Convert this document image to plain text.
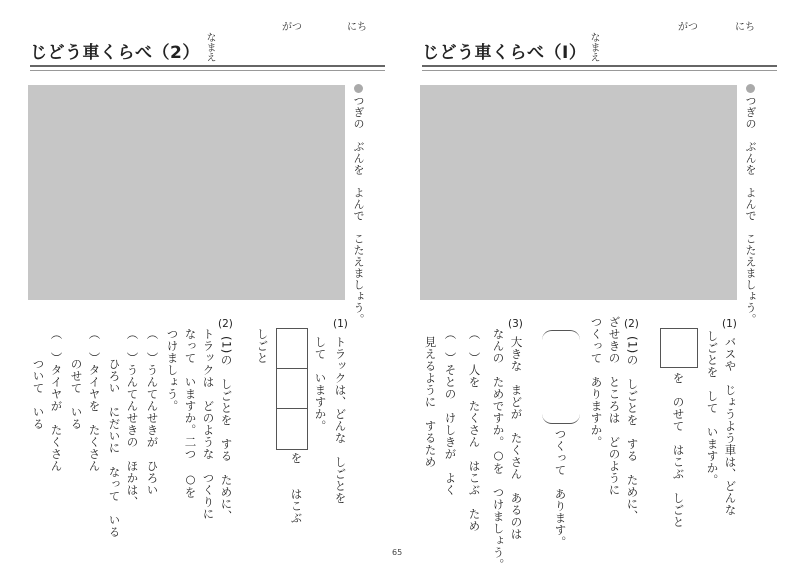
がつ	にち
じどう車くらべ（2） なまえ
つぎの　ぶんを　よんで　こたえましょう。
(1)
トラックは、どんな　しごとを
して　いますか。
を　　はこぶ
しごと
(2)
(1)の　しごとを　する　ために、
トラックは　どのような　つくりに
なって　いますか。二つ　○を
つけましょう。
（　）うんてんせきが　ひろい
（　）うんてんせきの　ほかは、
ひろい　にだいに　なって　いる
（　）タイヤを　たくさん
のせて　いる
（　）タイヤが　たくさん
ついて　いる
がつ	にち
じどう車くらべ（Ⅰ） なまえ
つぎの　ぶんを　よんで　こたえましょう。
(1)
バスや　じょうよう車は、どんな
しごとを　して　いますか。
を　のせて　はこぶ　しごと
(2)
(1)の　しごとを　する　ために、
ざせきの　ところは　どのように
つくって　ありますか。
つくって　あります。
(3)
大きな　まどが　たくさん　あるのは
なんの　ためですか。○を　つけましょう。
（　）人を　たくさん　はこぶ　ため
（　）そとの　けしきが　よく
見えるように　するため
65
